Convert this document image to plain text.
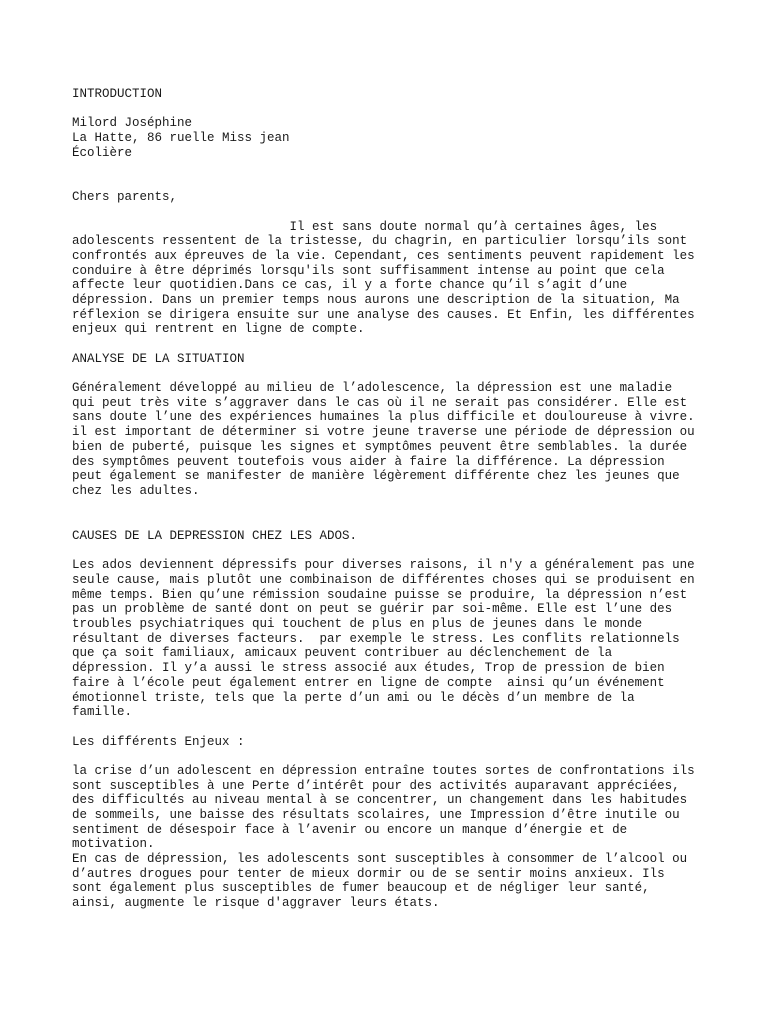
INTRODUCTION
Milord Joséphine
La Hatte, 86 ruelle Miss jean
Écolière
Chers parents,
Il est sans doute normal qu’à certaines âges, les
adolescents ressentent de la tristesse, du chagrin, en particulier lorsqu’ils sont
confrontés aux épreuves de la vie. Cependant, ces sentiments peuvent rapidement les
conduire à être déprimés lorsqu'ils sont suffisamment intense au point que cela
affecte leur quotidien.Dans ce cas, il y a forte chance qu’il s’agit d’une
dépression. Dans un premier temps nous aurons une description de la situation, Ma
réflexion se dirigera ensuite sur une analyse des causes. Et Enfin, les différentes
enjeux qui rentrent en ligne de compte.
ANALYSE DE LA SITUATION
Généralement développé au milieu de l’adolescence, la dépression est une maladie
qui peut très vite s’aggraver dans le cas où il ne serait pas considérer. Elle est
sans doute l’une des expériences humaines la plus difficile et douloureuse à vivre.
il est important de déterminer si votre jeune traverse une période de dépression ou
bien de puberté, puisque les signes et symptômes peuvent être semblables. la durée
des symptômes peuvent toutefois vous aider à faire la différence. La dépression
peut également se manifester de manière légèrement différente chez les jeunes que
chez les adultes.
CAUSES DE LA DEPRESSION CHEZ LES ADOS.
Les ados deviennent dépressifs pour diverses raisons, il n'y a généralement pas une
seule cause, mais plutôt une combinaison de différentes choses qui se produisent en
même temps. Bien qu’une rémission soudaine puisse se produire, la dépression n’est
pas un problème de santé dont on peut se guérir par soi-même. Elle est l’une des
troubles psychiatriques qui touchent de plus en plus de jeunes dans le monde
résultant de diverses facteurs.  par exemple le stress. Les conflits relationnels
que ça soit familiaux, amicaux peuvent contribuer au déclenchement de la
dépression. Il y’a aussi le stress associé aux études, Trop de pression de bien
faire à l’école peut également entrer en ligne de compte  ainsi qu’un événement
émotionnel triste, tels que la perte d’un ami ou le décès d’un membre de la
famille.
Les différents Enjeux :
la crise d’un adolescent en dépression entraîne toutes sortes de confrontations ils
sont susceptibles à une Perte d’intérêt pour des activités auparavant appréciées,
des difficultés au niveau mental à se concentrer, un changement dans les habitudes
de sommeils, une baisse des résultats scolaires, une Impression d’être inutile ou
sentiment de désespoir face à l’avenir ou encore un manque d’énergie et de
motivation.
En cas de dépression, les adolescents sont susceptibles à consommer de l’alcool ou
d’autres drogues pour tenter de mieux dormir ou de se sentir moins anxieux. Ils
sont également plus susceptibles de fumer beaucoup et de négliger leur santé,
ainsi, augmente le risque d'aggraver leurs états.
